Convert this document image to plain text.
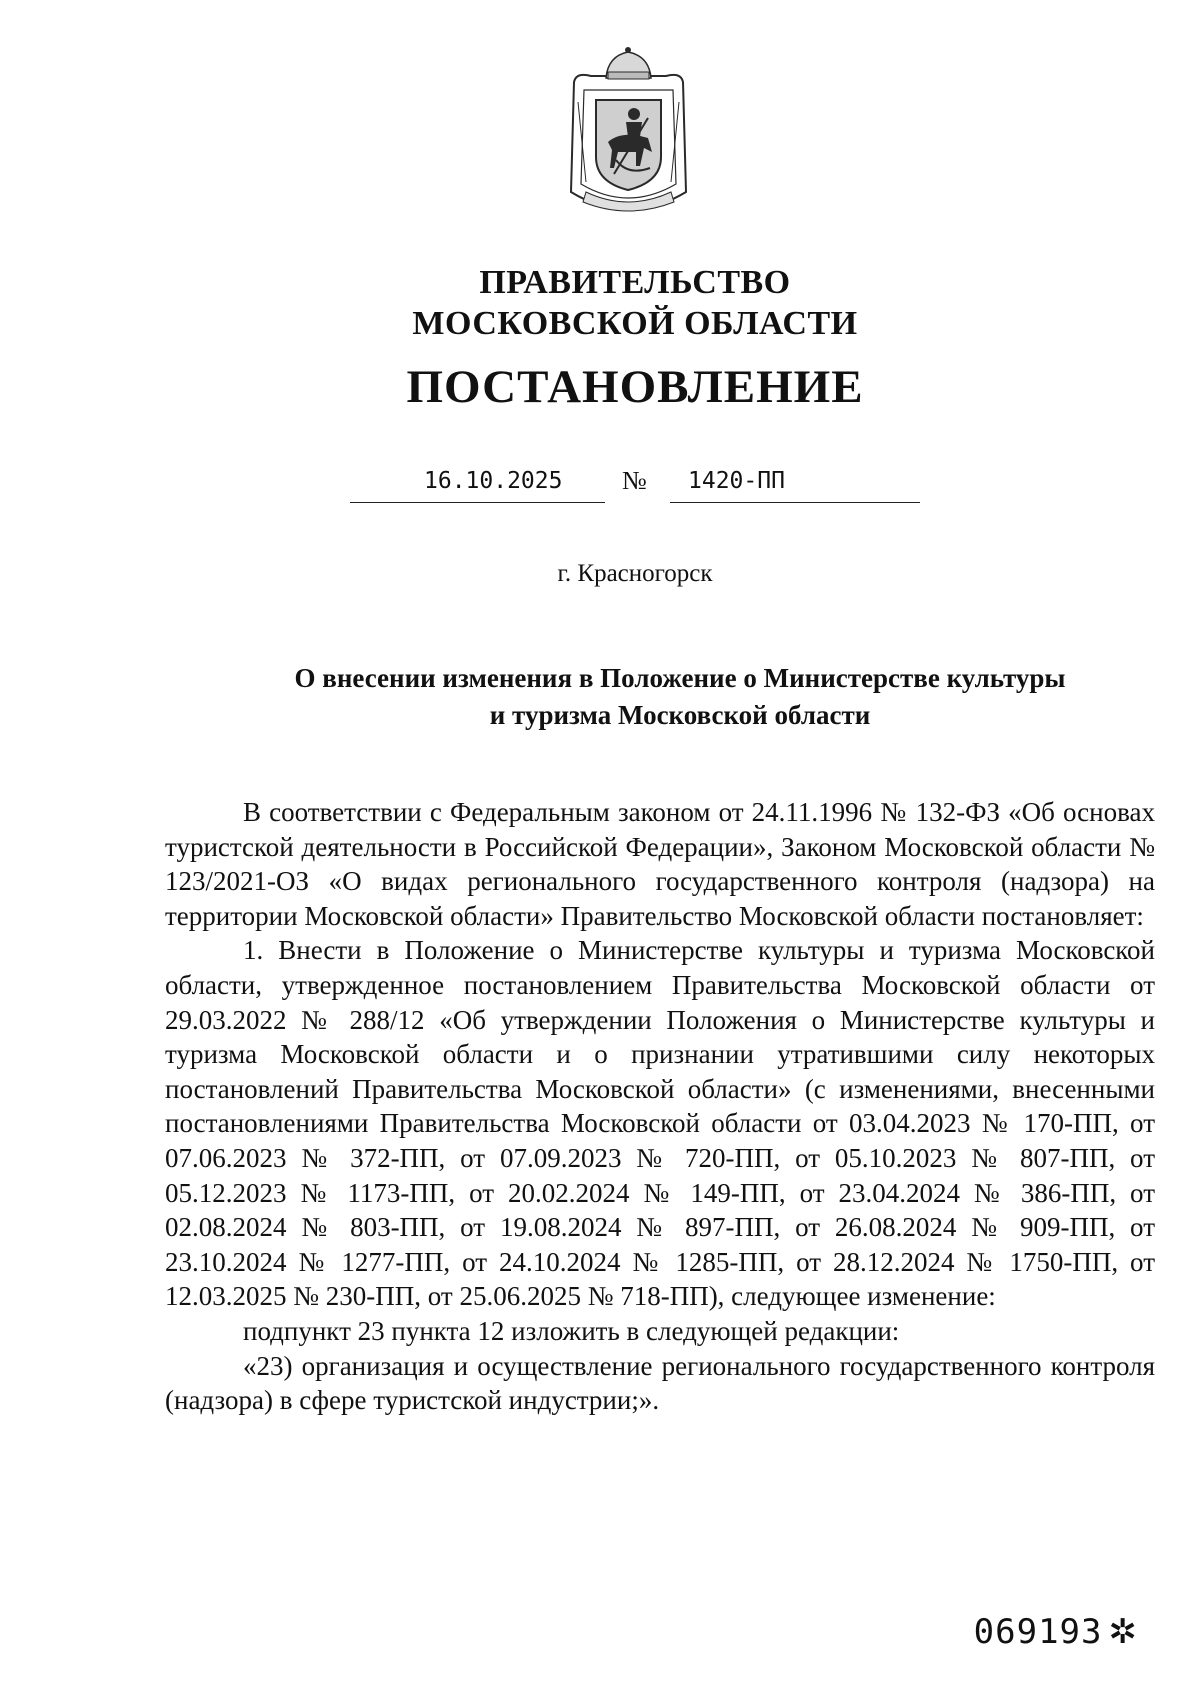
ПРАВИТЕЛЬСТВО
МОСКОВСКОЙ ОБЛАСТИ
ПОСТАНОВЛЕНИЕ
16.10.2025 № 1420-ПП
г. Красногорск
О внесении изменения в Положение о Министерстве культуры
и туризма Московской области

В соответствии с Федеральным законом от 24.11.1996 № 132-ФЗ «Об основах туристской деятельности в Российской Федерации», Законом Московской области № 123/2021-ОЗ «О видах регионального государственного контроля (надзора) на территории Московской области» Правительство Московской области постановляет:

1. Внести в Положение о Министерстве культуры и туризма Московской области, утвержденное постановлением Правительства Московской области от 29.03.2022 № 288/12 «Об утверждении Положения о Министерстве культуры и туризма Московской области и о признании утратившими силу некоторых постановлений Правительства Московской области» (с изменениями, внесенными постановлениями Правительства Московской области от 03.04.2023 № 170-ПП, от 07.06.2023 № 372-ПП, от 07.09.2023 № 720-ПП, от 05.10.2023 № 807-ПП, от 05.12.2023 № 1173-ПП, от 20.02.2024 № 149-ПП, от 23.04.2024 № 386-ПП, от 02.08.2024 № 803-ПП, от 19.08.2024 № 897-ПП, от 26.08.2024 № 909-ПП, от 23.10.2024 № 1277-ПП, от 24.10.2024 № 1285-ПП, от 28.12.2024 № 1750-ПП, от 12.03.2025 № 230-ПП, от 25.06.2025 № 718-ПП), следующее изменение:

подпункт 23 пункта 12 изложить в следующей редакции:

«23) организация и осуществление регионального государственного контроля (надзора) в сфере туристской индустрии;».

069193 ✲
